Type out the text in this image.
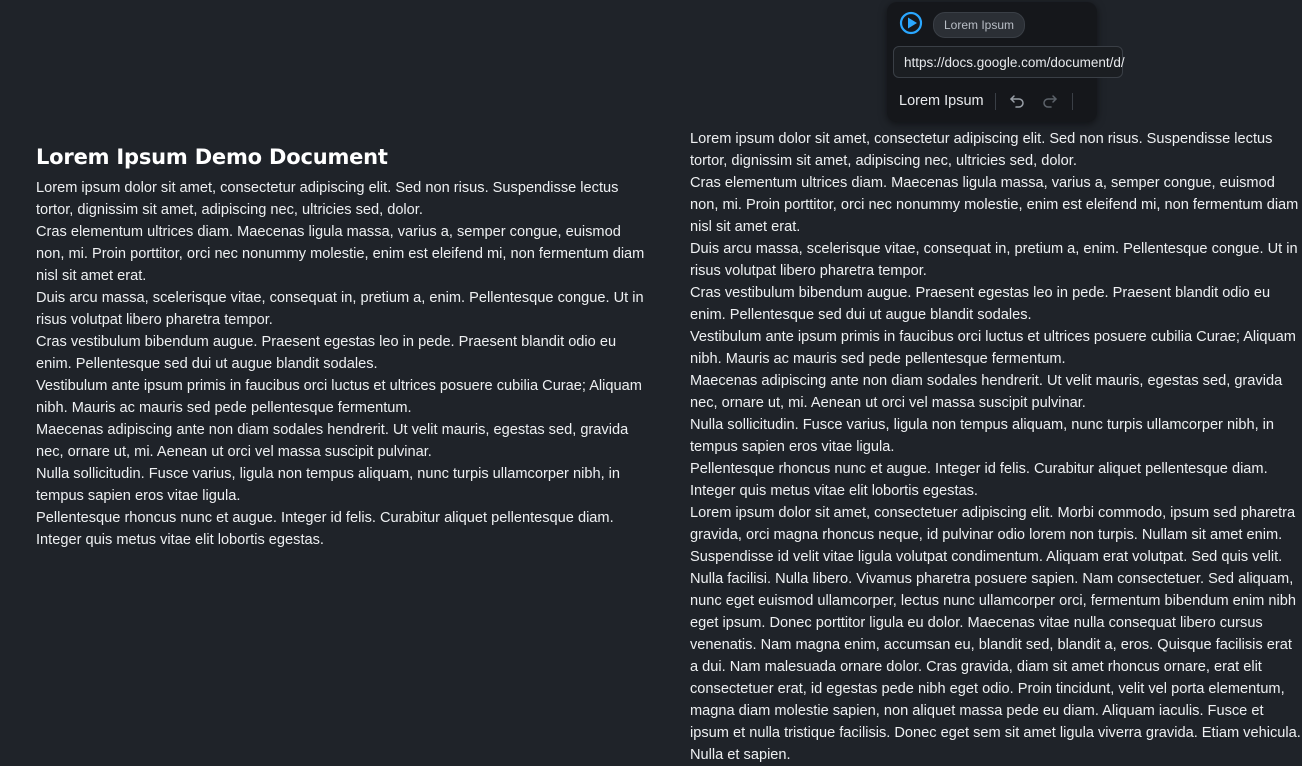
Lorem Ipsum Demo Document

Lorem ipsum dolor sit amet, consectetur adipiscing elit. Sed non risus. Suspendisse lectus tortor, dignissim sit amet, adipiscing nec, ultricies sed, dolor.

Cras elementum ultrices diam. Maecenas ligula massa, varius a, semper congue, euismod non, mi. Proin porttitor, orci nec nonummy molestie, enim est eleifend mi, non fermentum diam nisl sit amet erat.

Duis arcu massa, scelerisque vitae, consequat in, pretium a, enim. Pellentesque congue. Ut in risus volutpat libero pharetra tempor.

Cras vestibulum bibendum augue. Praesent egestas leo in pede. Praesent blandit odio eu enim. Pellentesque sed dui ut augue blandit sodales.

Vestibulum ante ipsum primis in faucibus orci luctus et ultrices posuere cubilia Curae; Aliquam nibh. Mauris ac mauris sed pede pellentesque fermentum.

Maecenas adipiscing ante non diam sodales hendrerit. Ut velit mauris, egestas sed, gravida nec, ornare ut, mi. Aenean ut orci vel massa suscipit pulvinar.

Nulla sollicitudin. Fusce varius, ligula non tempus aliquam, nunc turpis ullamcorper nibh, in tempus sapien eros vitae ligula.

Pellentesque rhoncus nunc et augue. Integer id felis. Curabitur aliquet pellentesque diam. Integer quis metus vitae elit lobortis egestas.

Lorem ipsum dolor sit amet, consectetur adipiscing elit. Sed non risus. Suspendisse lectus tortor, dignissim sit amet, adipiscing nec, ultricies sed, dolor.

Cras elementum ultrices diam. Maecenas ligula massa, varius a, semper congue, euismod non, mi. Proin porttitor, orci nec nonummy molestie, enim est eleifend mi, non fermentum diam nisl sit amet erat.

Duis arcu massa, scelerisque vitae, consequat in, pretium a, enim. Pellentesque congue. Ut in risus volutpat libero pharetra tempor.

Cras vestibulum bibendum augue. Praesent egestas leo in pede. Praesent blandit odio eu enim. Pellentesque sed dui ut augue blandit sodales.

Vestibulum ante ipsum primis in faucibus orci luctus et ultrices posuere cubilia Curae; Aliquam nibh. Mauris ac mauris sed pede pellentesque fermentum.

Maecenas adipiscing ante non diam sodales hendrerit. Ut velit mauris, egestas sed, gravida nec, ornare ut, mi. Aenean ut orci vel massa suscipit pulvinar.

Nulla sollicitudin. Fusce varius, ligula non tempus aliquam, nunc turpis ullamcorper nibh, in tempus sapien eros vitae ligula.

Pellentesque rhoncus nunc et augue. Integer id felis. Curabitur aliquet pellentesque diam. Integer quis metus vitae elit lobortis egestas.

Lorem ipsum dolor sit amet, consectetuer adipiscing elit. Morbi commodo, ipsum sed pharetra gravida, orci magna rhoncus neque, id pulvinar odio lorem non turpis. Nullam sit amet enim. Suspendisse id velit vitae ligula volutpat condimentum. Aliquam erat volutpat. Sed quis velit. Nulla facilisi. Nulla libero. Vivamus pharetra posuere sapien. Nam consectetuer. Sed aliquam, nunc eget euismod ullamcorper, lectus nunc ullamcorper orci, fermentum bibendum enim nibh eget ipsum. Donec porttitor ligula eu dolor. Maecenas vitae nulla consequat libero cursus venenatis. Nam magna enim, accumsan eu, blandit sed, blandit a, eros. Quisque facilisis erat a dui. Nam malesuada ornare dolor. Cras gravida, diam sit amet rhoncus ornare, erat elit consectetuer erat, id egestas pede nibh eget odio. Proin tincidunt, velit vel porta elementum, magna diam molestie sapien, non aliquet massa pede eu diam. Aliquam iaculis. Fusce et ipsum et nulla tristique facilisis. Donec eget sem sit amet ligula viverra gravida. Etiam vehicula. Nulla et sapien.

Lorem Ipsum
https://docs.google.com/document/d/
Lorem Ipsum
